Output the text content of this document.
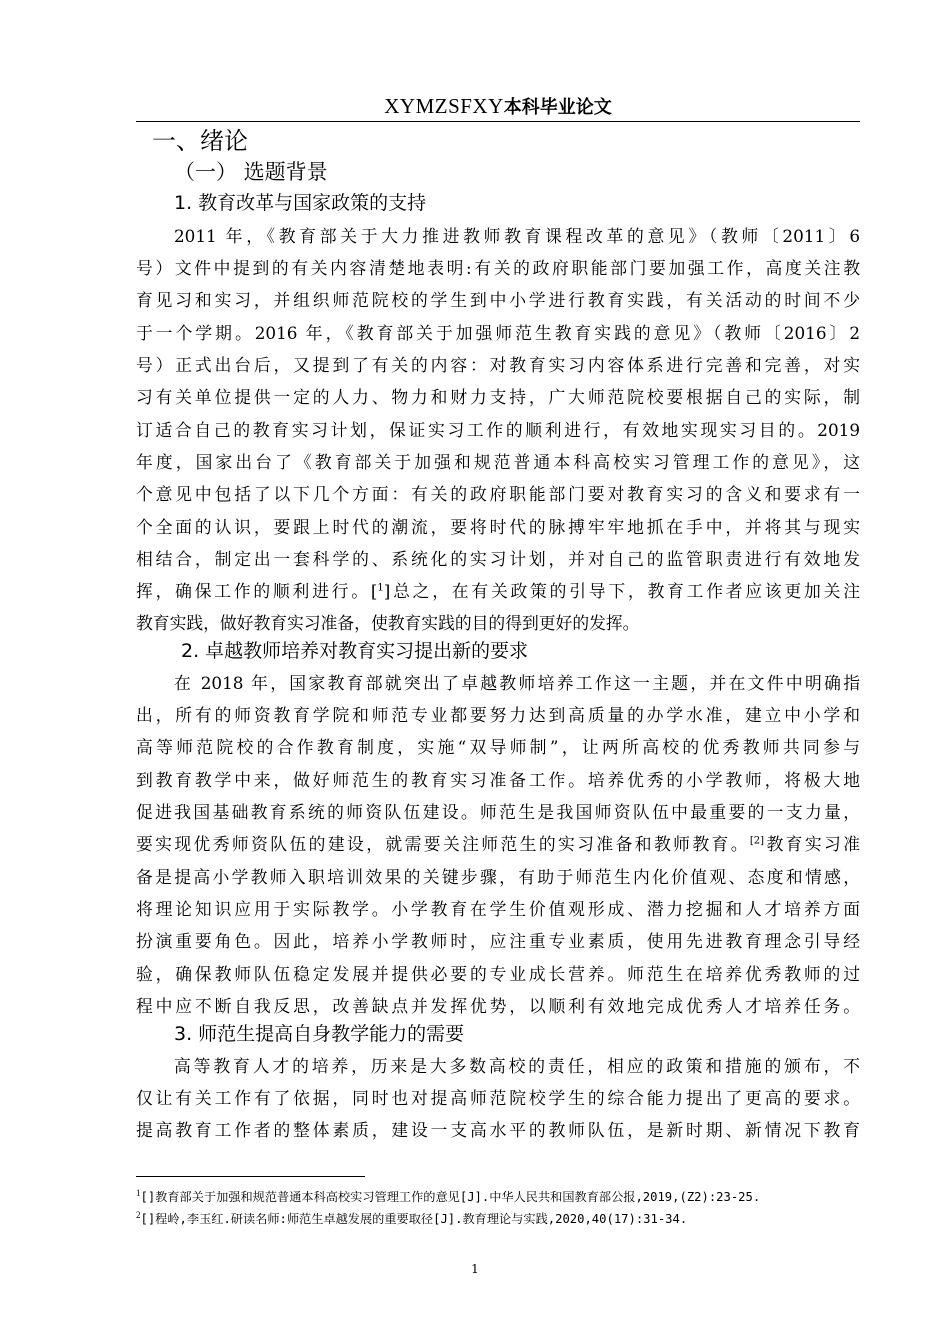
XYMZSFXY本科毕业论文
一、绪论
（一） 选题背景
1. 教育改革与国家政策的支持
2011 年，《教育部关于大力推进教师教育课程改革的意见》（教师〔2011〕6
号）文件中提到的有关内容清楚地表明:有关的政府职能部门要加强工作，高度关注教
育见习和实习，并组织师范院校的学生到中小学进行教育实践，有关活动的时间不少
于一个学期。2016 年，《教育部关于加强师范生教育实践的意见》（教师〔2016〕2
号）正式出台后，又提到了有关的内容：对教育实习内容体系进行完善和完善，对实
习有关单位提供一定的人力、物力和财力支持，广大师范院校要根据自己的实际，制
订适合自己的教育实习计划，保证实习工作的顺利进行，有效地实现实习目的。2019
年度，国家出台了《教育部关于加强和规范普通本科高校实习管理工作的意见》，这
个意见中包括了以下几个方面：有关的政府职能部门要对教育实习的含义和要求有一
个全面的认识，要跟上时代的潮流，要将时代的脉搏牢牢地抓在手中，并将其与现实
相结合，制定出一套科学的、系统化的实习计划，并对自己的监管职责进行有效地发
挥，确保工作的顺利进行。[$^1$]总之，在有关政策的引导下，教育工作者应该更加关注
教育实践，做好教育实习准备，使教育实践的目的得到更好的发挥。
2. 卓越教师培养对教育实习提出新的要求
在 2018 年，国家教育部就突出了卓越教师培养工作这一主题，并在文件中明确指
出，所有的师资教育学院和师范专业都要努力达到高质量的办学水准，建立中小学和
高等师范院校的合作教育制度，实施“双导师制”，让两所高校的优秀教师共同参与
到教育教学中来，做好师范生的教育实习准备工作。培养优秀的小学教师，将极大地
促进我国基础教育系统的师资队伍建设。师范生是我国师资队伍中最重要的一支力量，
要实现优秀师资队伍的建设，就需要关注师范生的实习准备和教师教育。[2]教育实习准
备是提高小学教师入职培训效果的关键步骤，有助于师范生内化价值观、态度和情感，
将理论知识应用于实际教学。小学教育在学生价值观形成、潜力挖掘和人才培养方面
扮演重要角色。因此，培养小学教师时，应注重专业素质，使用先进教育理念引导经
验，确保教师队伍稳定发展并提供必要的专业成长营养。师范生在培养优秀教师的过
程中应不断自我反思，改善缺点并发挥优势，以顺利有效地完成优秀人才培养任务。
3. 师范生提高自身教学能力的需要
高等教育人才的培养，历来是大多数高校的责任，相应的政策和措施的颁布，不
仅让有关工作有了依据，同时也对提高师范院校学生的综合能力提出了更高的要求。
提高教育工作者的整体素质，建设一支高水平的教师队伍，是新时期、新情况下教育
$^1$[]教育部关于加强和规范普通本科高校实习管理工作的意见[J].中华人民共和国教育部公报,2019,(Z2):23-25.
$^2$[]程岭,李玉红.研读名师:师范生卓越发展的重要取径[J].教育理论与实践,2020,40(17):31-34.
1
